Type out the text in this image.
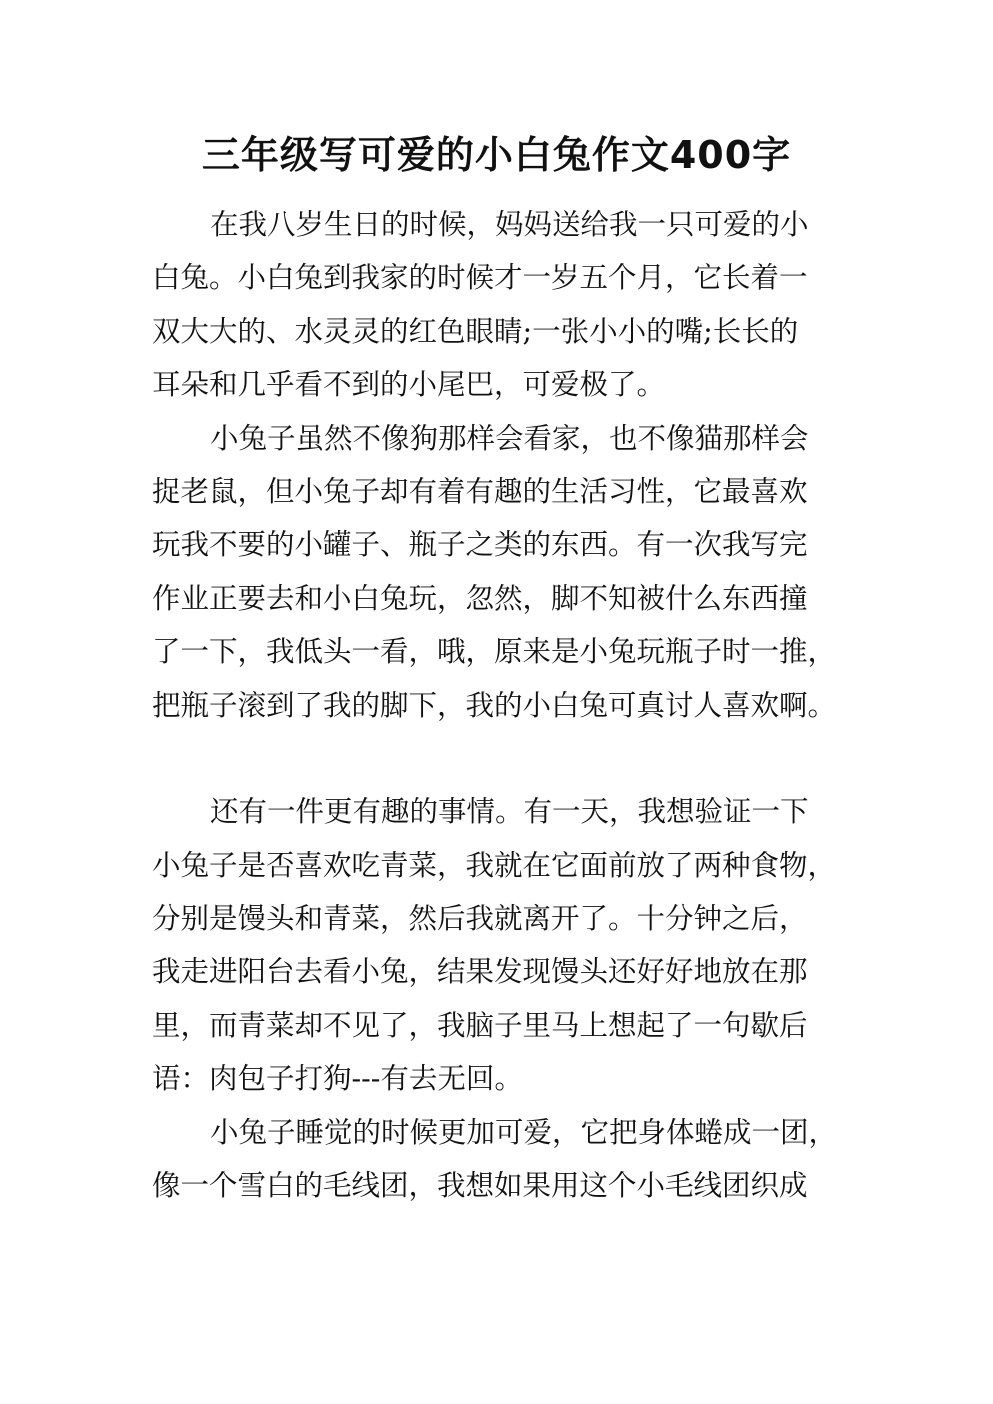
三年级写可爱的小白兔作文400字
在我八岁生日的时候，妈妈送给我一只可爱的小
白兔。小白兔到我家的时候才一岁五个月，它长着一
双大大的、水灵灵的红色眼睛;一张小小的嘴;长长的
耳朵和几乎看不到的小尾巴，可爱极了。
小兔子虽然不像狗那样会看家，也不像猫那样会
捉老鼠，但小兔子却有着有趣的生活习性，它最喜欢
玩我不要的小罐子、瓶子之类的东西。有一次我写完
作业正要去和小白兔玩，忽然，脚不知被什么东西撞
了一下，我低头一看，哦，原来是小兔玩瓶子时一推，
把瓶子滚到了我的脚下，我的小白兔可真讨人喜欢啊。
还有一件更有趣的事情。有一天，我想验证一下
小兔子是否喜欢吃青菜，我就在它面前放了两种食物，
分别是馒头和青菜，然后我就离开了。十分钟之后，
我走进阳台去看小兔，结果发现馒头还好好地放在那
里，而青菜却不见了，我脑子里马上想起了一句歇后
语：肉包子打狗---有去无回。
小兔子睡觉的时候更加可爱，它把身体蜷成一团，
像一个雪白的毛线团，我想如果用这个小毛线团织成
